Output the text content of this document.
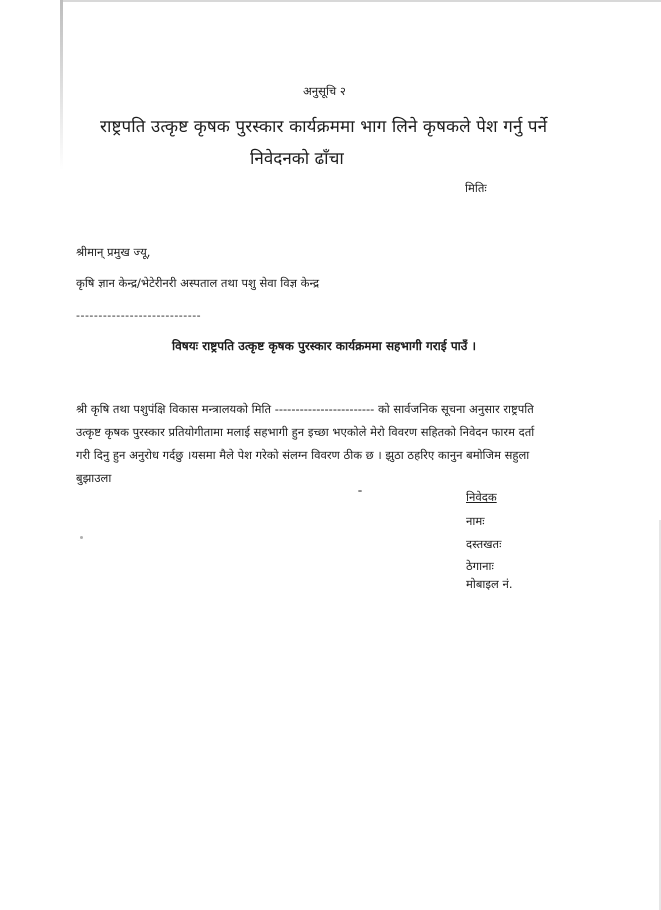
अनुसूचि २
राष्ट्रपति उत्कृष्ट कृषक पुरस्कार कार्यक्रममा भाग लिने कृषकले पेश गर्नु पर्ने
निवेदनको ढाँचा
मितिः
श्रीमान् प्रमुख ज्यू,
कृषि ज्ञान केन्द्र/भेटेरीनरी अस्पताल तथा पशु सेवा विज्ञ केन्द्र
----------------------------
विषयः राष्ट्रपति उत्कृष्ट कृषक पुरस्कार कार्यक्रममा सहभागी गराई पाउँ ।
श्री कृषि तथा पशुपंक्षि विकास मन्त्रालयको मिति ------------------------ को सार्वजनिक सूचना अनुसार राष्ट्रपति
उत्कृष्ट कृषक पुरस्कार प्रतियोगीतामा मलाई सहभागी हुन इच्छा भएकोले मेरो विवरण सहितको निवेदन फारम दर्ता
गरी दिनु हुन अनुरोध गर्दछु ।यसमा मैले पेश गरेको संलग्न विवरण ठीक छ । झुठा ठहरिए कानुन बमोजिम सहुला
बुझाउला
निवेदक
नामः
दस्तखतः
ठेगानाः
मोबाइल नं.
